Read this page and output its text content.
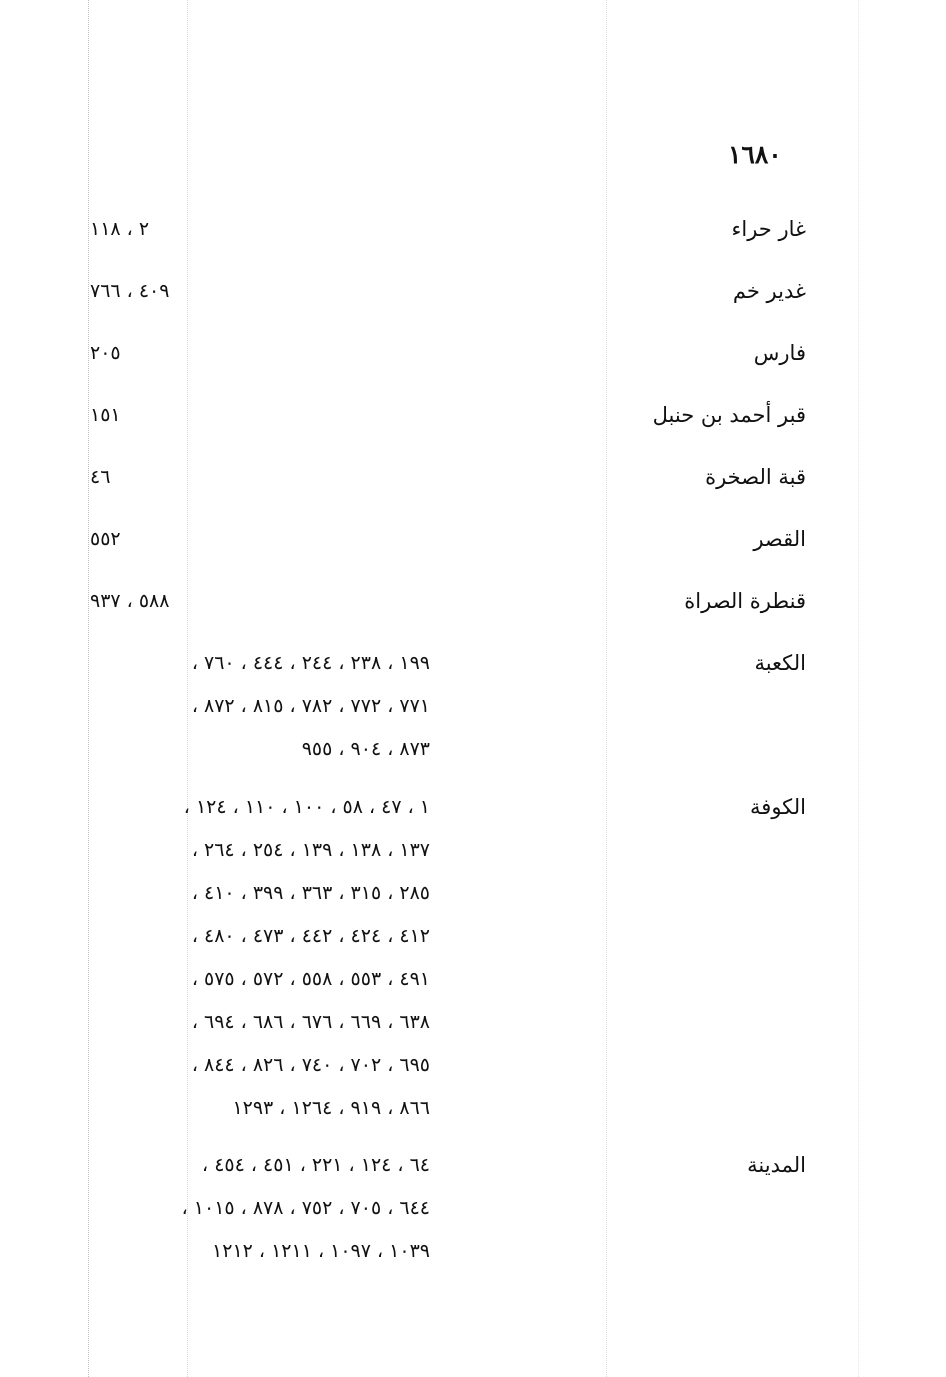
١٦٨٠
غار حراء
٢ ، ١١٨
غدير خم
٤٠٩ ، ٧٦٦
فارس
٢٠٥
قبر أحمد بن حنبل
١٥١
قبة الصخرة
٤٦
القصر
٥٥٢
قنطرة الصراة
٥٨٨ ، ٩٣٧
الكعبة
١٩٩ ، ٢٣٨ ، ٢٤٤ ، ٤٤٤ ، ٧٦٠ ،
٧٧١ ، ٧٧٢ ، ٧٨٢ ، ٨١٥ ، ٨٧٢ ،
٨٧٣ ، ٩٠٤ ، ٩٥٥
الكوفة
١ ، ٤٧ ، ٥٨ ، ١٠٠ ، ١١٠ ، ١٢٤ ،
١٣٧ ، ١٣٨ ، ١٣٩ ، ٢٥٤ ، ٢٦٤ ،
٢٨٥ ، ٣١٥ ، ٣٦٣ ، ٣٩٩ ، ٤١٠ ،
٤١٢ ، ٤٢٤ ، ٤٤٢ ، ٤٧٣ ، ٤٨٠ ،
٤٩١ ، ٥٥٣ ، ٥٥٨ ، ٥٧٢ ، ٥٧٥ ،
٦٣٨ ، ٦٦٩ ، ٦٧٦ ، ٦٨٦ ، ٦٩٤ ،
٦٩٥ ، ٧٠٢ ، ٧٤٠ ، ٨٢٦ ، ٨٤٤ ،
٨٦٦ ، ٩١٩ ، ١٢٦٤ ، ١٢٩٣
المدينة
٦٤ ، ١٢٤ ، ٢٢١ ، ٤٥١ ، ٤٥٤ ،
٦٤٤ ، ٧٠٥ ، ٧٥٢ ، ٨٧٨ ، ١٠١٥ ،
١٠٣٩ ، ١٠٩٧ ، ١٢١١ ، ١٢١٢
